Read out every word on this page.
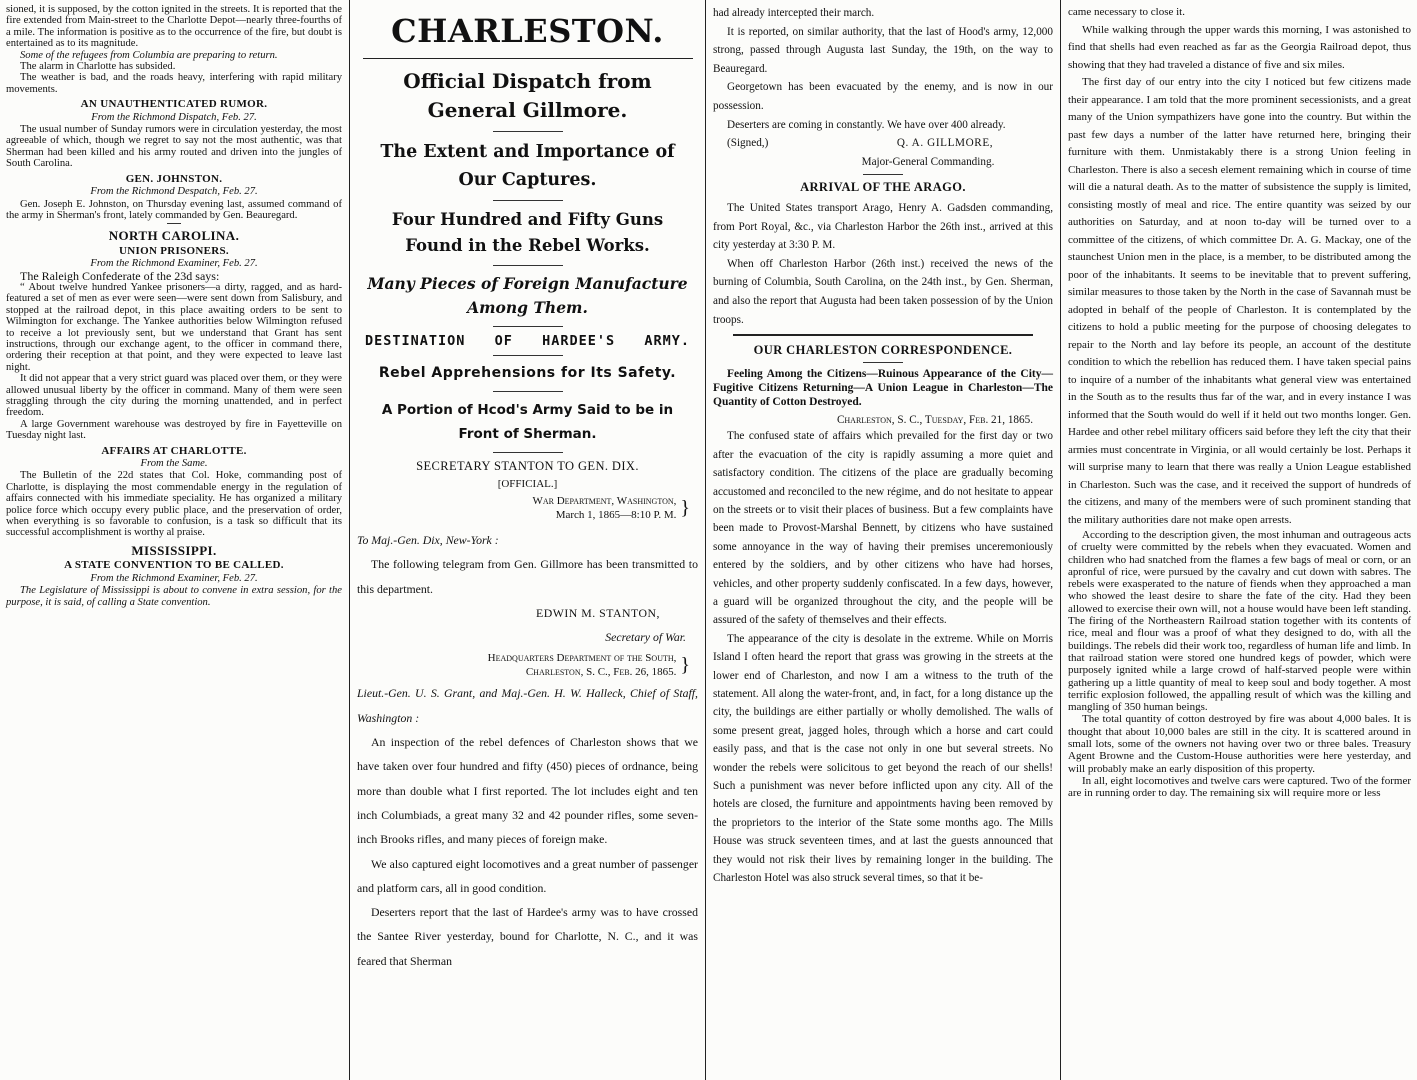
sioned, it is supposed, by the cotton ignited in the streets. It is reported that the fire extended from Main-street to the Charlotte Depot—nearly three-fourths of a mile. The information is positive as to the occurrence of the fire, but doubt is entertained as to its magnitude.

Some of the refugees from Columbia are preparing to return.

The alarm in Charlotte has subsided.

The weather is bad, and the roads heavy, interfering with rapid military movements.

AN UNAUTHENTICATED RUMOR.
From the Richmond Dispatch, Feb. 27.

The usual number of Sunday rumors were in circulation yesterday, the most agreeable of which, though we regret to say not the most authentic, was that Sherman had been killed and his army routed and driven into the jungles of South Carolina.

GEN. JOHNSTON.
From the Richmond Despatch, Feb. 27.

Gen. Joseph E. Johnston, on Thursday evening last, assumed command of the army in Sherman's front, lately commanded by Gen. Beauregard.

NORTH CAROLINA.
UNION PRISONERS.
From the Richmond Examiner, Feb. 27.

The Raleigh Confederate of the 23d says:

“ About twelve hundred Yankee prisoners—a dirty, ragged, and as hard-featured a set of men as ever were seen—were sent down from Salisbury, and stopped at the railroad depot, in this place awaiting orders to be sent to Wilmington for exchange. The Yankee authorities below Wilmington refused to receive a lot previously sent, but we understand that Grant has sent instructions, through our exchange agent, to the officer in command there, ordering their reception at that point, and they were expected to leave last night.

It did not appear that a very strict guard was placed over them, or they were allowed unusual liberty by the officer in command. Many of them were seen straggling through the city during the morning unattended, and in perfect freedom.

A large Government warehouse was destroyed by fire in Fayetteville on Tuesday night last.

AFFAIRS AT CHARLOTTE.
From the Same.

The Bulletin of the 22d states that Col. Hoke, commanding post of Charlotte, is displaying the most commendable energy in the regulation of affairs connected with his immediate speciality. He has organized a military police force which occupy every public place, and the preservation of order, when everything is so favorable to confusion, is a task so difficult that its successful accomplishment is worthy al praise.

MISSISSIPPI.
A STATE CONVENTION TO BE CALLED.
From the Richmond Examiner, Feb. 27.

The Legislature of Mississippi is about to convene in extra session, for the purpose, it is said, of calling a State convention.

CHARLESTON.
Official Dispatch from General Gillmore.
The Extent and Importance of Our Captures.
Four Hundred and Fifty Guns Found in the Rebel Works.
Many Pieces of Foreign Manufacture Among Them.
DESTINATION OF HARDEE'S ARMY.
Rebel Apprehensions for Its Safety.
A Portion of Hcod's Army Said to be in Front of Sherman.
SECRETARY STANTON TO GEN. DIX.
[OFFICIAL.]
War Department, Washington,
March 1, 1865—8:10 P. M. }

To Maj.-Gen. Dix, New-York :

The following telegram from Gen. Gillmore has been transmitted to this department.

EDWIN M. STANTON,

Secretary of War.

Headquarters Department of the South,
Charleston, S. C., Feb. 26, 1865. }

Lieut.-Gen. U. S. Grant, and Maj.-Gen. H. W. Halleck, Chief of Staff, Washington :

An inspection of the rebel defences of Charleston shows that we have taken over four hundred and fifty (450) pieces of ordnance, being more than double what I first reported. The lot includes eight and ten inch Columbiads, a great many 32 and 42 pounder rifles, some seven-inch Brooks rifles, and many pieces of foreign make.

We also captured eight locomotives and a great number of passenger and platform cars, all in good condition.

Deserters report that the last of Hardee's army was to have crossed the Santee River yesterday, bound for Charlotte, N. C., and it was feared that Sherman

had already intercepted their march.

It is reported, on similar authority, that the last of Hood's army, 12,000 strong, passed through Augusta last Sunday, the 19th, on the way to Beauregard.

Georgetown has been evacuated by the enemy, and is now in our possession.

Deserters are coming in constantly. We have over 400 already.

(Signed,)	Q. A. GILLMORE,

Major-General Commanding.

ARRIVAL OF THE ARAGO.

The United States transport Arago, Henry A. Gadsden commanding, from Port Royal, &c., via Charleston Harbor the 26th inst., arrived at this city yesterday at 3:30 P. M.

When off Charleston Harbor (26th inst.) received the news of the burning of Columbia, South Carolina, on the 24th inst., by Gen. Sherman, and also the report that Augusta had been taken possession of by the Union troops.

OUR CHARLESTON CORRESPONDENCE.

Feeling Among the Citizens—Ruinous Appearance of the City—Fugitive Citizens Returning—A Union League in Charleston—The Quantity of Cotton Destroyed.

Charleston, S. C., Tuesday, Feb. 21, 1865.

The confused state of affairs which prevailed for the first day or two after the evacuation of the city is rapidly assuming a more quiet and satisfactory condition. The citizens of the place are gradually becoming accustomed and reconciled to the new régime, and do not hesitate to appear on the streets or to visit their places of business. But a few complaints have been made to Provost-Marshal Bennett, by citizens who have sustained some annoyance in the way of having their premises unceremoniously entered by the soldiers, and by other citizens who have had horses, vehicles, and other property suddenly confiscated. In a few days, however, a guard will be organized throughout the city, and the people will be assured of the safety of themselves and their effects.

The appearance of the city is desolate in the extreme. While on Morris Island I often heard the report that grass was growing in the streets at the lower end of Charleston, and now I am a witness to the truth of the statement. All along the water-front, and, in fact, for a long distance up the city, the buildings are either partially or wholly demolished. The walls of some present great, jagged holes, through which a horse and cart could easily pass, and that is the case not only in one but several streets. No wonder the rebels were solicitous to get beyond the reach of our shells! Such a punishment was never before inflicted upon any city. All of the hotels are closed, the furniture and appointments having been removed by the proprietors to the interior of the State some months ago. The Mills House was struck seventeen times, and at last the guests announced that they would not risk their lives by remaining longer in the building. The Charleston Hotel was also struck several times, so that it be-

came necessary to close it.

While walking through the upper wards this morning, I was astonished to find that shells had even reached as far as the Georgia Railroad depot, thus showing that they had traveled a distance of five and six miles.

The first day of our entry into the city I noticed but few citizens made their appearance. I am told that the more prominent secessionists, and a great many of the Union sympathizers have gone into the country. But within the past few days a number of the latter have returned here, bringing their furniture with them. Unmistakably there is a strong Union feeling in Charleston. There is also a secesh element remaining which in course of time will die a natural death. As to the matter of subsistence the supply is limited, consisting mostly of meal and rice. The entire quantity was seized by our authorities on Saturday, and at noon to-day will be turned over to a committee of the citizens, of which committee Dr. A. G. Mackay, one of the staunchest Union men in the place, is a member, to be distributed among the poor of the inhabitants. It seems to be inevitable that to prevent suffering, similar measures to those taken by the North in the case of Savannah must be adopted in behalf of the people of Charleston. It is contemplated by the citizens to hold a public meeting for the purpose of choosing delegates to repair to the North and lay before its people, an account of the destitute condition to which the rebellion has reduced them. I have taken special pains to inquire of a number of the inhabitants what general view was entertained in the South as to the results thus far of the war, and in every instance I was informed that the South would do well if it held out two months longer. Gen. Hardee and other rebel military officers said before they left the city that their armies must concentrate in Virginia, or all would certainly be lost. Perhaps it will surprise many to learn that there was really a Union League established in Charleston. Such was the case, and it received the support of hundreds of the citizens, and many of the members were of such prominent standing that the military authorities dare not make open arrests.

According to the description given, the most inhuman and outrageous acts of cruelty were committed by the rebels when they evacuated. Women and children who had snatched from the flames a few bags of meal or corn, or an apronful of rice, were pursued by the cavalry and cut down with sabres. The rebels were exasperated to the nature of fiends when they approached a man who showed the least desire to share the fate of the city. Had they been allowed to exercise their own will, not a house would have been left standing. The firing of the Northeastern Railroad station together with its contents of rice, meal and flour was a proof of what they designed to do, with all the buildings. The rebels did their work too, regardless of human life and limb. In that railroad station were stored one hundred kegs of powder, which were purposely ignited while a large crowd of half-starved people were within gathering up a little quantity of meal to keep soul and body together. A most terrific explosion followed, the appalling result of which was the killing and mangling of 350 human beings.

The total quantity of cotton destroyed by fire was about 4,000 bales. It is thought that about 10,000 bales are still in the city. It is scattered around in small lots, some of the owners not having over two or three bales. Treasury Agent Browne and the Custom-House authorities were here yesterday, and will probably make an early disposition of this property.

In all, eight locomotives and twelve cars were captured. Two of the former are in running order to day. The remaining six will require more or less
